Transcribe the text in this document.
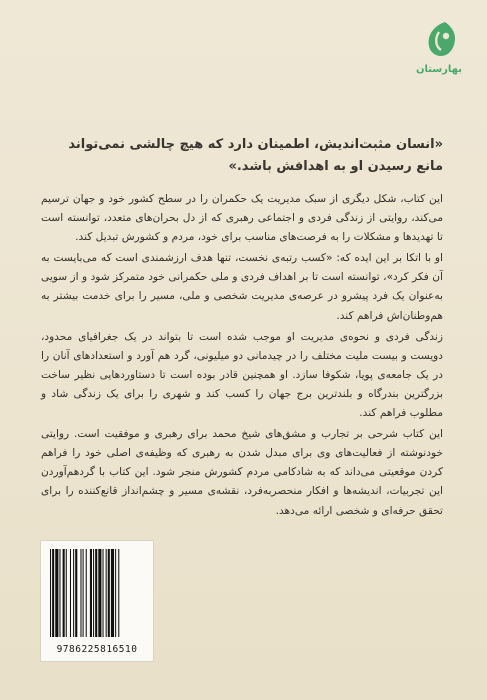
بهارستان
«انسان مثبت‌اندیش، اطمینان دارد که هیچ چالشی نمی‌تواند مانع رسیدن او به اهدافش باشد.»

این کتاب، شکل دیگری از سبک مدیریت یک حکمران را در سطح کشور خود و جهان ترسیم می‌کند، روایتی از زندگی فردی و اجتماعی رهبری که از دل بحران‌های متعدد، توانسته است تا تهدیدها و مشکلات را به فرصت‌های مناسب برای خود، مردم و کشورش تبدیل کند.

او با اتکا بر این ایده که: «کسب رتبه‌ی نخست، تنها هدف ارزشمندی است که می‌بایست به آن فکر کرد»، توانسته است تا بر اهداف فردی و ملی حکمرانی خود متمرکز شود و از سویی به‌عنوان یک فرد پیشرو در عرصه‌ی مدیریت شخصی و ملی، مسیر را برای خدمت بیشتر به هم‌وطنان‌اش فراهم کند.

زندگی فردی و نحوه‌ی مدیریت او موجب شده است تا بتواند در یک جغرافیای محدود، دویست و بیست ملیت مختلف را در چیدمانی دو میلیونی، گرد هم آورد و استعدادهای آنان را در یک جامعه‌ی پویا، شکوفا سازد. او همچنین قادر بوده است تا دستاوردهایی نظیر ساخت بزرگترین بندرگاه و بلندترین برج جهان را کسب کند و شهری را برای یک زندگی شاد و مطلوب فراهم کند.

این کتاب شرحی بر تجارب و مشق‌های شیخ محمد برای رهبری و موفقیت است. روایتی خودنوشته از فعالیت‌های وی برای مبدل شدن به رهبری که وظیفه‌ی اصلی خود را فراهم کردن موقعیتی می‌داند که به شادکامی مردم کشورش منجر شود. این کتاب با گردهم‌آوردن این تجربیات، اندیشه‌ها و افکار منحصربه‌فرد، نقشه‌ی مسیر و چشم‌انداز قانع‌کننده را برای تحقق حرفه‌ای و شخصی ارائه می‌دهد.

9786225816510
